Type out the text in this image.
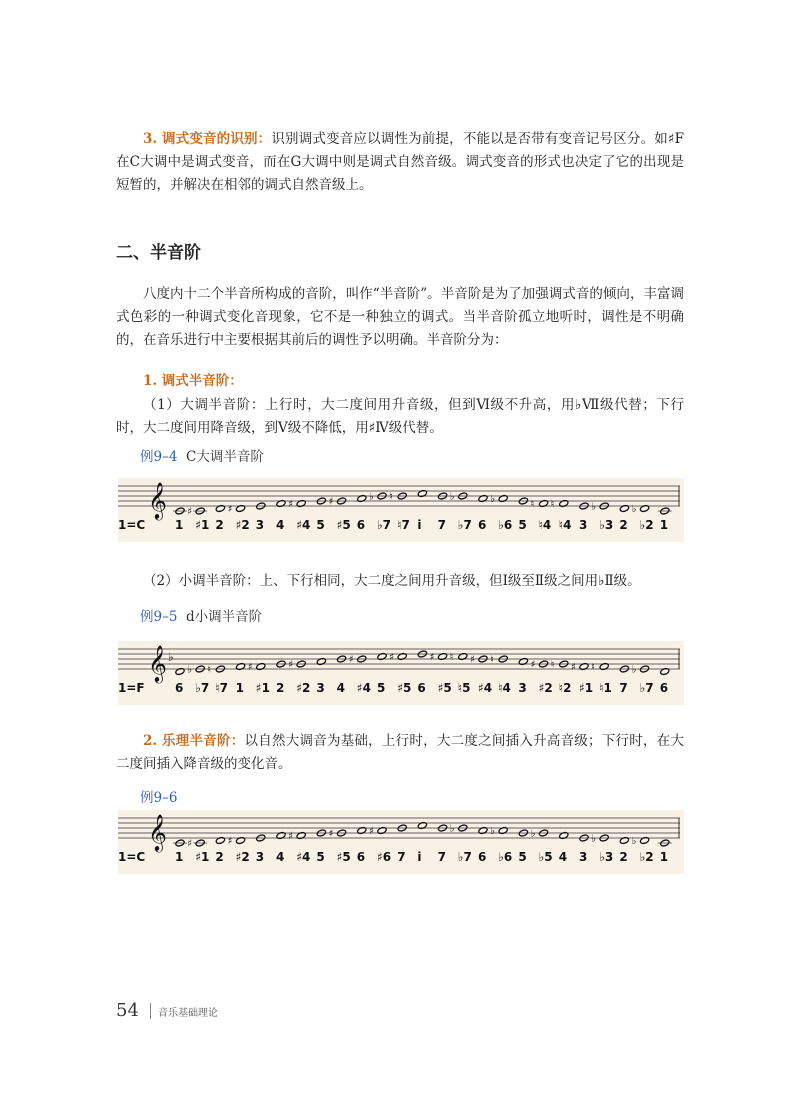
3. 调式变音的识别：识别调式变音应以调性为前提，不能以是否带有变音记号区分。如♯F在C大调中是调式变音，而在G大调中则是调式自然音级。调式变音的形式也决定了它的出现是短暂的，并解决在相邻的调式自然音级上。

二、半音阶

八度内十二个半音所构成的音阶，叫作“半音阶”。半音阶是为了加强调式音的倾向，丰富调式色彩的一种调式变化音现象，它不是一种独立的调式。当半音阶孤立地听时，调性是不明确的，在音乐进行中主要根据其前后的调性予以明确。半音阶分为：

1. 调式半音阶：

（1）大调半音阶：上行时，大二度间用升音级，但到Ⅵ级不升高，用♭Ⅶ级代替；下行时，大二度间用降音级，到Ⅴ级不降低，用♯Ⅳ级代替。

例9–4 C大调半音阶
𝄞 ♯	♯	♯	♯	♭ ♮	♭	♭	♮ ♮	♭	♭
1=C 1 ♯1 2 ♯2 3 4 ♯4 5 ♯5 6 ♭7 ♮7 i 7 ♭7 6 ♭6 5 ♮4 ♮4 3 ♭3 2 ♭2 1

（2）小调半音阶：上、下行相同，大二度之间用升音级，但Ⅰ级至Ⅱ级之间用♭Ⅱ级。

例9–5 d小调半音阶
𝄞 ♭
♭ ♮	♯	♯	♯	♯	♯ ♮ ♯ ♮	♯ ♮ ♯ ♮	♭
1=F	6 ♭7 ♮7 1 ♯1 2 ♯2 3 4 ♯4 5 ♯5 6 ♯5 ♮5 ♯4 ♮4 3 ♯2 ♮2 ♯1 ♮1 7 ♭7 6

2. 乐理半音阶：以自然大调音为基础，上行时，大二度之间插入升高音级；下行时，在大二度间插入降音级的变化音。

例9–6
𝄞 ♯	♯	♯	♯	♯	♭	♭	♭	♭	♭
1=C 1 ♯1 2 ♯2 3 4 ♯4 5 ♯5 6 ♯6 7 i 7 ♭7 6 ♭6 5 ♭5 4 3 ♭3 2 ♭2 1
54 音乐基础理论
